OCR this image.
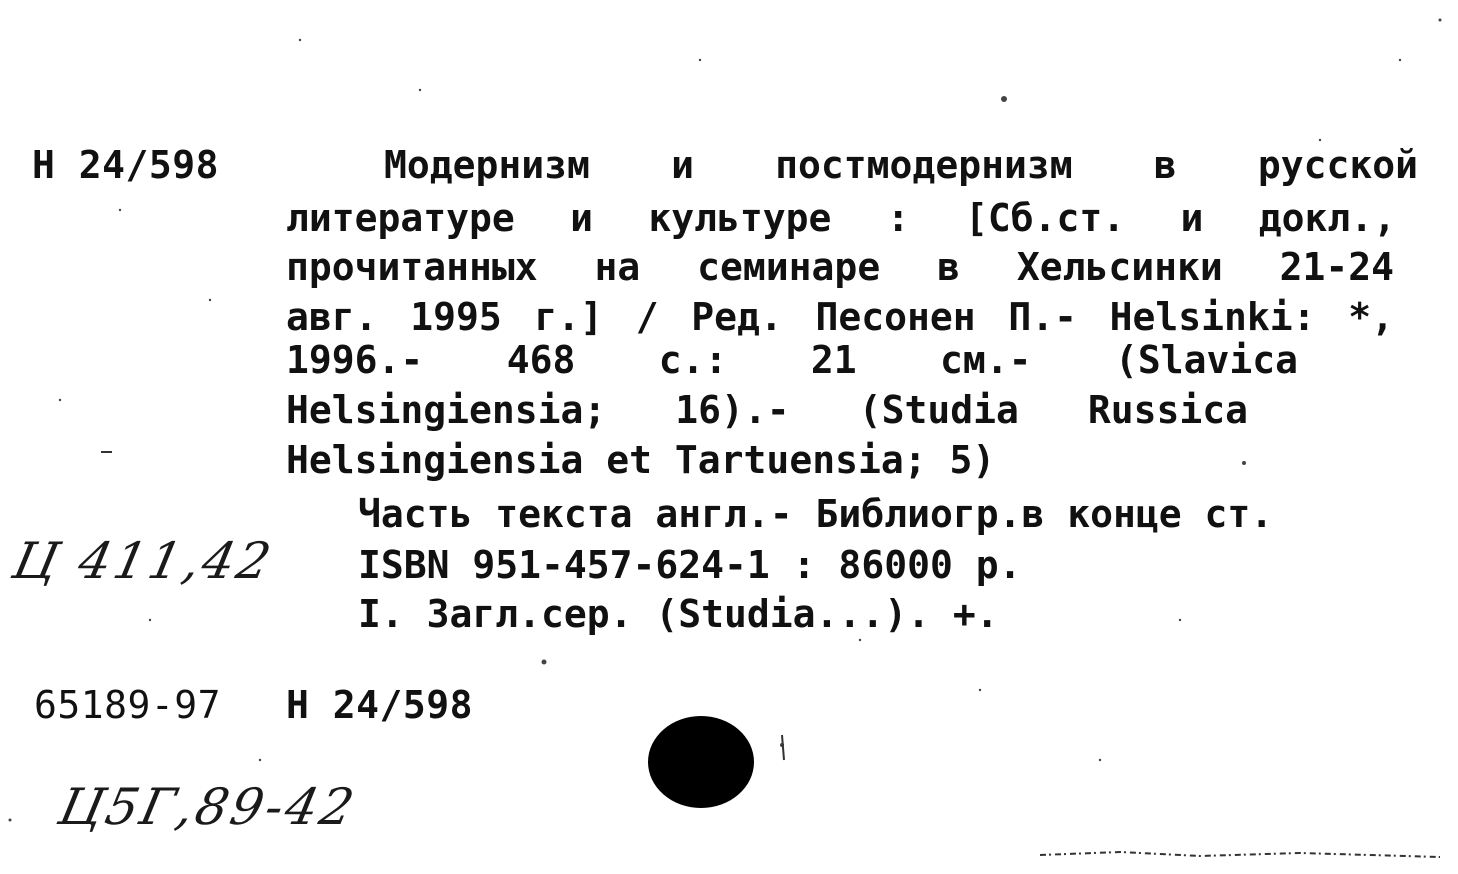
Н 24/598	Модернизм и постмодернизм в русской
литературе и культуре : [Сб.ст. и докл.,
прочитанных на семинаре в Хельсинки 21-24
авг. 1995 г.] / Ред. Песонен П.- Helsinki: *,
1996.- 468 с.: 21 см.- (Slavica
Helsingiensia; 16).- (Studia Russica
Helsingiensia et Tartuensia; 5)
Часть текста англ.- Библиогр.в конце ст.
ISBN 951-457-624-1 : 86000 р.
I. Загл.сер. (Studia...). +.
Ц 411,42
65189-97 Н 24/598
Ц5Г,89-42
